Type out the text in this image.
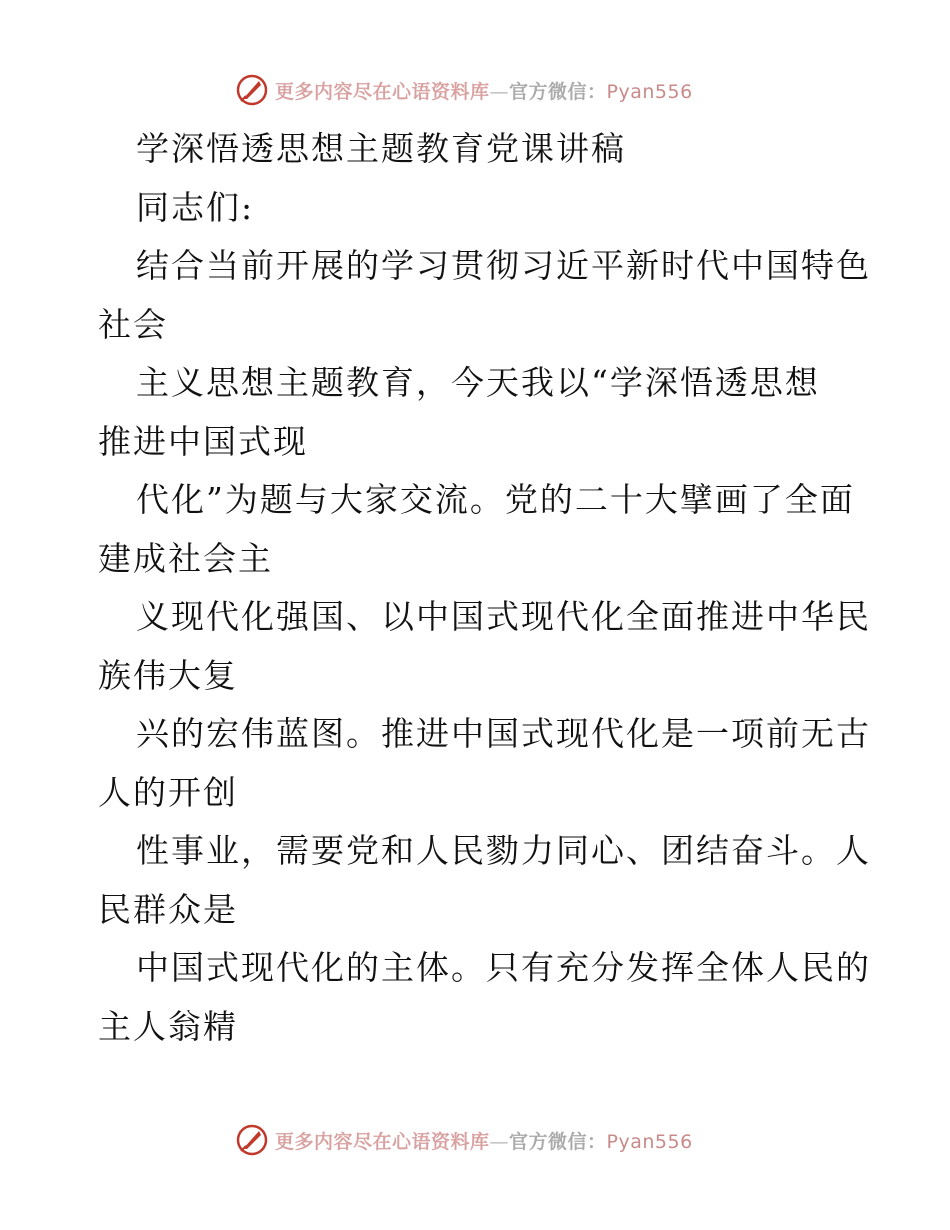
更多内容尽在心语资料库—官方微信：Pyan556
学深悟透思想主题教育党课讲稿
同志们:
结合当前开展的学习贯彻习近平新时代中国特色
社会
主义思想主题教育，今天我以“学深悟透思想
推进中国式现
代化”为题与大家交流。党的二十大擘画了全面
建成社会主
义现代化强国、以中国式现代化全面推进中华民
族伟大复
兴的宏伟蓝图。推进中国式现代化是一项前无古
人的开创
性事业，需要党和人民勠力同心、团结奋斗。人
民群众是
中国式现代化的主体。只有充分发挥全体人民的
主人翁精
更多内容尽在心语资料库—官方微信：Pyan556
